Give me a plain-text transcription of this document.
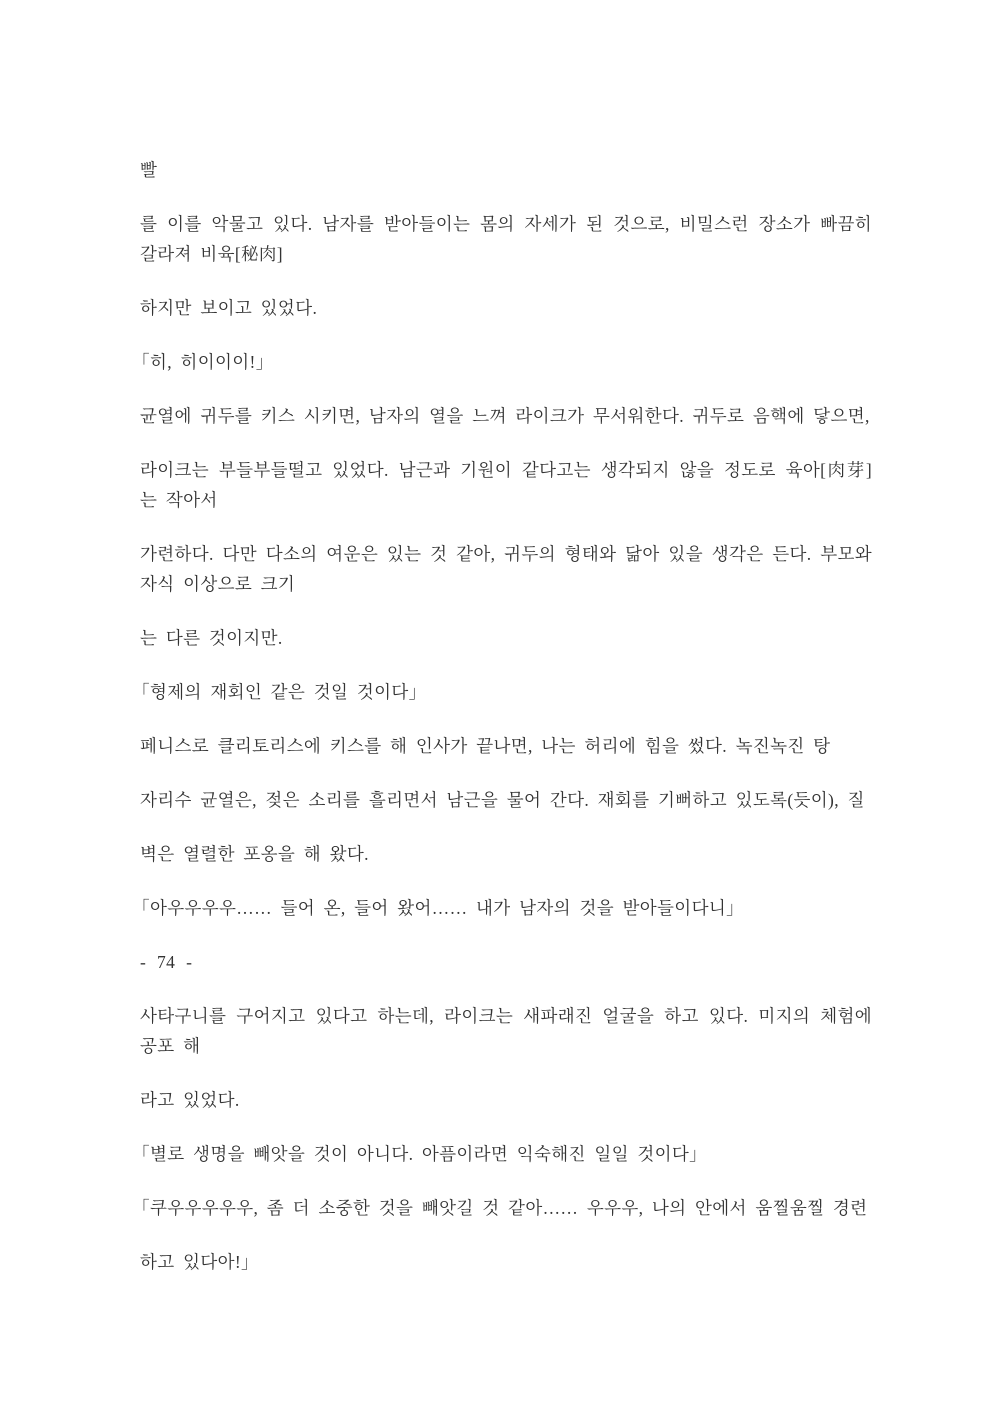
빨

를 이를 악물고 있다. 남자를 받아들이는 몸의 자세가 된 것으로, 비밀스런 장소가 빠끔히갈라져 비육[秘肉]

하지만 보이고 있었다.

「히, 히이이이!」

균열에 귀두를 키스 시키면, 남자의 열을 느껴 라이크가 무서워한다. 귀두로 음핵에 닿으면,

라이크는 부들부들떨고 있었다. 남근과 기원이 같다고는 생각되지 않을 정도로 육아[肉芽]는 작아서

가련하다. 다만 다소의 여운은 있는 것 같아, 귀두의 형태와 닮아 있을 생각은 든다. 부모와 자식 이상으로 크기

는 다른 것이지만.

「형제의 재회인 같은 것일 것이다」

페니스로 클리토리스에 키스를 해 인사가 끝나면, 나는 허리에 힘을 썼다. 녹진녹진 탕

자리수 균열은, 젖은 소리를 흘리면서 남근을 물어 간다. 재회를 기뻐하고 있도록(듯이), 질

벽은 열렬한 포옹을 해 왔다.

「아우우우우…… 들어 온, 들어 왔어…… 내가 남자의 것을 받아들이다니」

- 74 -

사타구니를 구어지고 있다고 하는데, 라이크는 새파래진 얼굴을 하고 있다. 미지의 체험에 공포 해

라고 있었다.

「별로 생명을 빼앗을 것이 아니다. 아픔이라면 익숙해진 일일 것이다」

「쿠우우우우우, 좀 더 소중한 것을 빼앗길 것 같아…… 우우우, 나의 안에서 움찔움찔 경련

하고 있다아!」
